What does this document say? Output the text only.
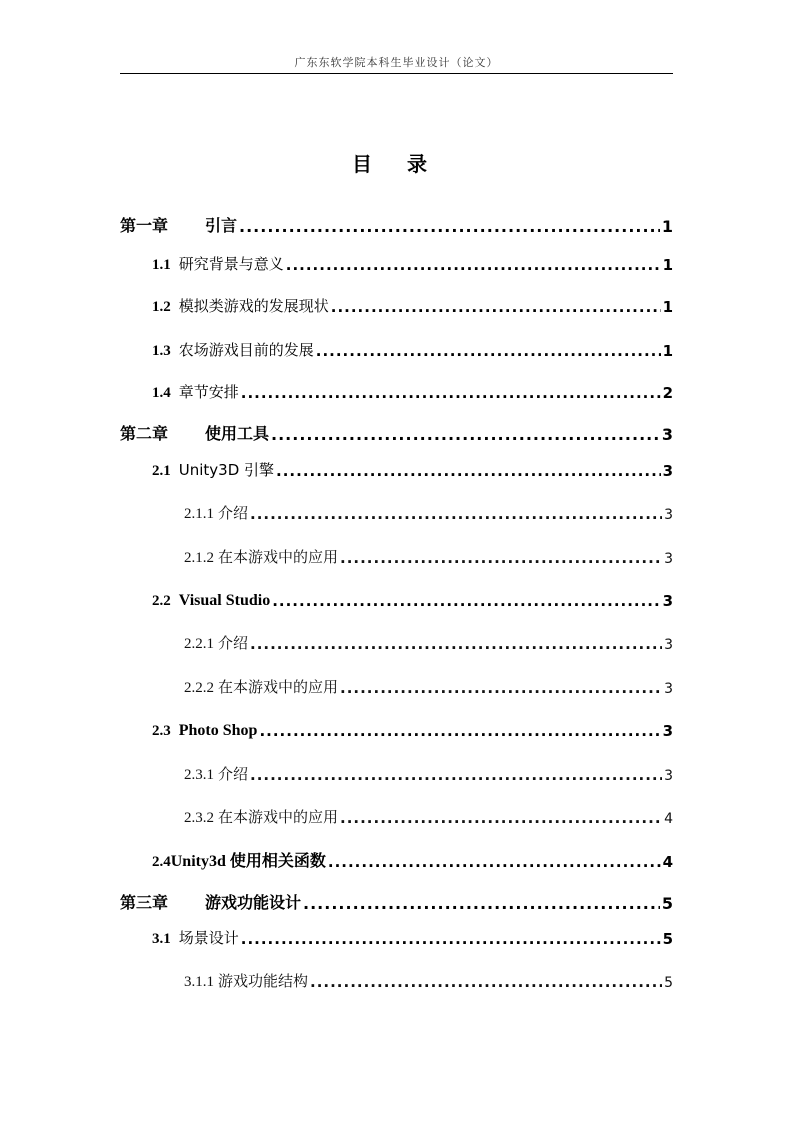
广东东软学院本科生毕业设计（论文）
目 录
第一章	引言 .....	1
1.1 研究背景与意义 .....	1
1.2 模拟类游戏的发展现状 .....	1
1.3 农场游戏目前的发展 .....	1
1.4 章节安排 .....	2
第二章	使用工具 .....	3
2.1 Unity3D 引擎 .....	3
2.1.1 介绍 .....	3
2.1.2 在本游戏中的应用 .....	3
2.2 Visual Studio .....	3
2.2.1 介绍 .....	3
2.2.2 在本游戏中的应用 .....	3
2.3 Photo Shop .....	3
2.3.1 介绍 .....	3
2.3.2 在本游戏中的应用 .....	4
2.4 Unity3d 使用相关函数 .....	4
第三章	游戏功能设计 .....	5
3.1 场景设计 .....	5
3.1.1 游戏功能结构 .....	5
